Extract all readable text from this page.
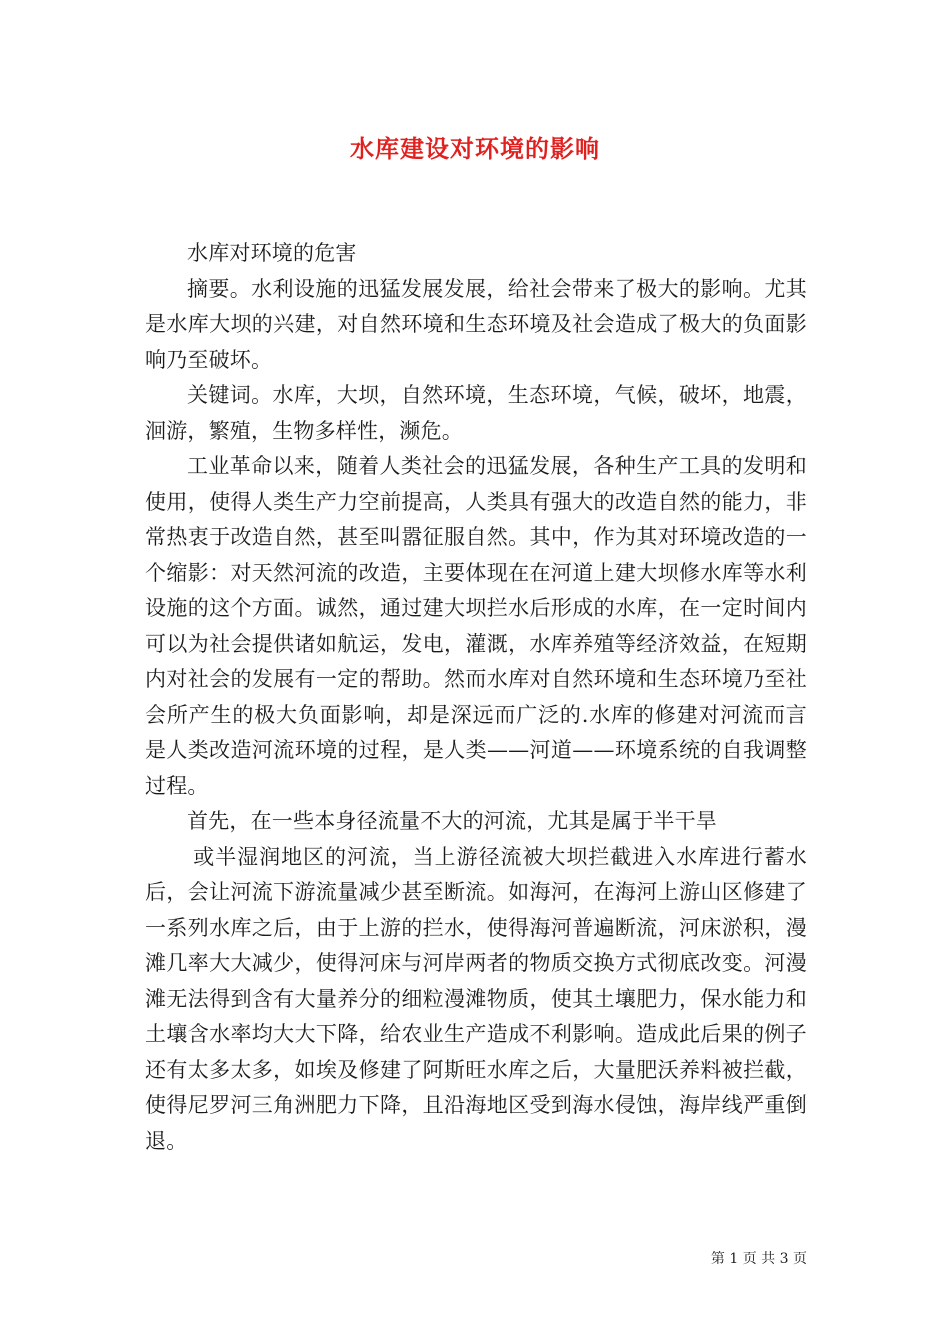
水库建设对环境的影响

水库对环境的危害

摘要。水利设施的迅猛发展发展，给社会带来了极大的影响。尤其是水库大坝的兴建，对自然环境和生态环境及社会造成了极大的负面影响乃至破坏。

关键词。水库，大坝，自然环境，生态环境，气候，破坏，地震，洄游，繁殖，生物多样性，濒危。

工业革命以来，随着人类社会的迅猛发展，各种生产工具的发明和使用，使得人类生产力空前提高，人类具有强大的改造自然的能力，非常热衷于改造自然，甚至叫嚣征服自然。其中，作为其对环境改造的一个缩影：对天然河流的改造，主要体现在在河道上建大坝修水库等水利设施的这个方面。诚然，通过建大坝拦水后形成的水库，在一定时间内可以为社会提供诸如航运，发电，灌溉，水库养殖等经济效益，在短期内对社会的发展有一定的帮助。然而水库对自然环境和生态环境乃至社会所产生的极大负面影响，却是深远而广泛的.水库的修建对河流而言是人类改造河流环境的过程，是人类——河道——环境系统的自我调整过程。

首先，在一些本身径流量不大的河流，尤其是属于半干旱

或半湿润地区的河流，当上游径流被大坝拦截进入水库进行蓄水后，会让河流下游流量减少甚至断流。如海河，在海河上游山区修建了一系列水库之后，由于上游的拦水，使得海河普遍断流，河床淤积，漫滩几率大大减少，使得河床与河岸两者的物质交换方式彻底改变。河漫滩无法得到含有大量养分的细粒漫滩物质，使其土壤肥力，保水能力和土壤含水率均大大下降，给农业生产造成不利影响。造成此后果的例子还有太多太多，如埃及修建了阿斯旺水库之后，大量肥沃养料被拦截，使得尼罗河三角洲肥力下降，且沿海地区受到海水侵蚀，海岸线严重倒退。

第 1 页 共 3 页
